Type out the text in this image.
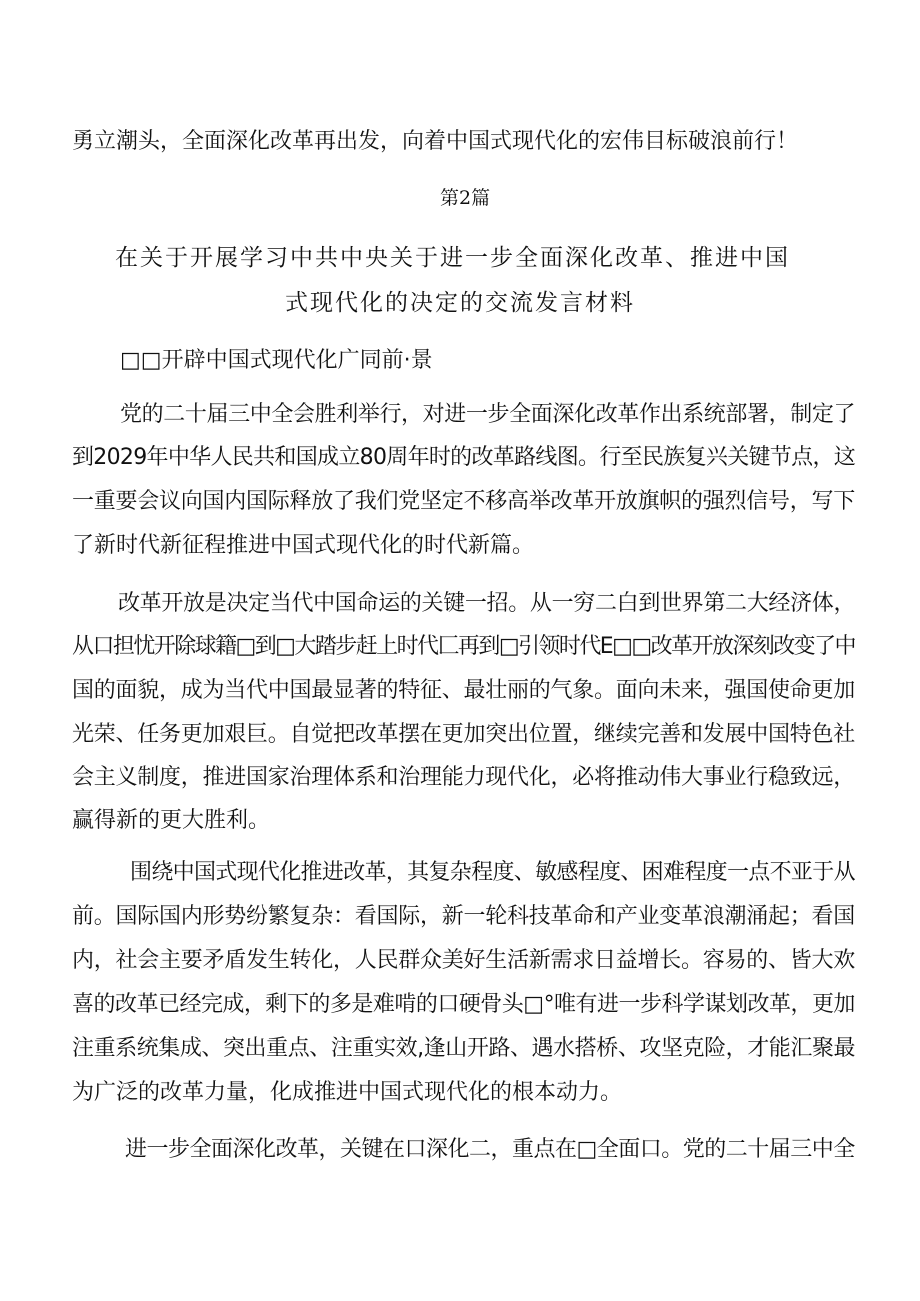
勇立潮头，全面深化改革再出发，向着中国式现代化的宏伟目标破浪前行！
第2篇
在关于开展学习中共中央关于进一步全面深化改革、推进中国
式现代化的决定的交流发言材料
□□开辟中国式现代化广同前·景
党的二十届三中全会胜利举行，对进一步全面深化改革作出系统部署，制定了
到2029年中华人民共和国成立80周年时的改革路线图。行至民族复兴关键节点，这
一重要会议向国内国际释放了我们党坚定不移高举改革开放旗帜的强烈信号，写下
了新时代新征程推进中国式现代化的时代新篇。
改革开放是决定当代中国命运的关键一招。从一穷二白到世界第二大经济体，
从口担忧开除球籍□到□大踏步赶上时代匚再到□引领时代E□□改革开放深刻改变了中
国的面貌，成为当代中国最显著的特征、最壮丽的气象。面向未来，强国使命更加
光荣、任务更加艰巨。自觉把改革摆在更加突出位置，继续完善和发展中国特色社
会主义制度，推进国家治理体系和治理能力现代化，必将推动伟大事业行稳致远，
赢得新的更大胜利。
围绕中国式现代化推进改革，其复杂程度、敏感程度、困难程度一点不亚于从
前。国际国内形势纷繁复杂：看国际，新一轮科技革命和产业变革浪潮涌起；看国
内，社会主要矛盾发生转化，人民群众美好生活新需求日益增长。容易的、皆大欢
喜的改革已经完成，剩下的多是难啃的口硬骨头□°唯有进一步科学谋划改革，更加
注重系统集成、突出重点、注重实效,逢山开路、遇水搭桥、攻坚克险，才能汇聚最
为广泛的改革力量，化成推进中国式现代化的根本动力。
进一步全面深化改革，关键在口深化二，重点在□全面口。党的二十届三中全
